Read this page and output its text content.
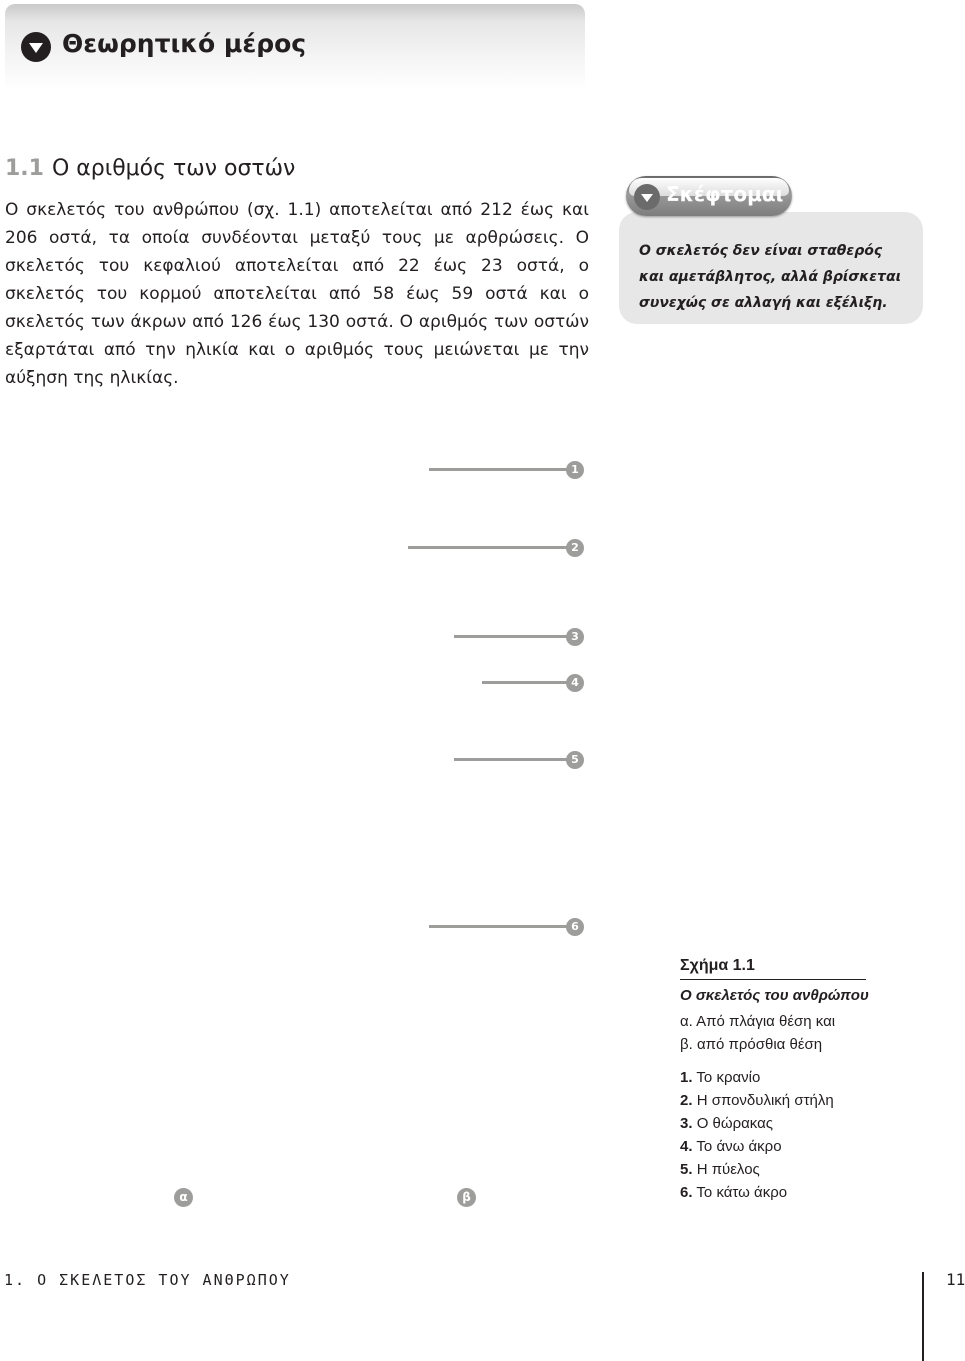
Θεωρητικό μέρος
1.1 Ο αριθμός των οστών

Ο σκελετός του ανθρώπου (σχ. 1.1) αποτελείται από 212 έως και 206 οστά, τα οποία συνδέονται μεταξύ τους με αρθρώσεις. Ο σκελετός του κεφαλιού αποτελείται από 22 έως 23 οστά, ο σκελετός του κορμού αποτελείται από 58 έως 59 οστά και ο σκελετός των άκρων από 126 έως 130 οστά. Ο αριθμός των οστών εξαρτάται από την ηλικία και ο αριθμός τους μειώνεται με την αύξηση της ηλικίας.

Σκέφτομαι

Ο σκελετός δεν είναι σταθερός και αμετάβλητος, αλλά βρίσκεται συνεχώς σε αλλαγή και εξέλιξη.

1
2
3
4
5
6
α	β
Σχήμα 1.1
Ο σκελετός του ανθρώπου
α. Από πλάγια θέση και
β. από πρόσθια θέση
1. Το κρανίο
2. Η σπονδυλική στήλη
3. Ο θώρακας
4. Το άνω άκρο
5. Η πύελος
6. Το κάτω άκρο
1. Ο ΣΚΕΛΕΤΟΣ ΤΟΥ ΑΝΘΡΩΠΟΥ	11
